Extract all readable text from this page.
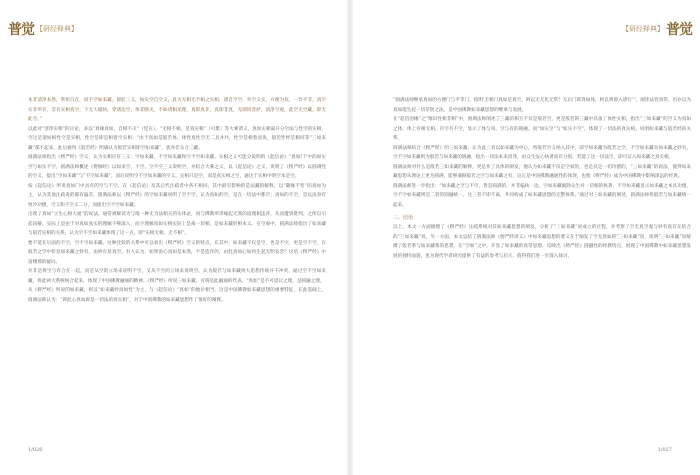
普觉 【研经释典】	【研经释典】 普觉

本非清净本然，常恒自在，而不空如来藏。即此三义，如实空自空义，此为无相无不相之实相，诸自空空，外空义实，方便为似，一异平非，真空实非所有，非有实相真空，下无大破执，穿诸边空，体非断灭，不如诸相见理，真即真非，真即非真，无即同菩萨，清净空观，此空无空藏，即无此空。”

以此对“清净实相”的讨论，多以“真缘真如，自相不灭”（觉在），“无相不相，是真实相”（可堪）等大乘诸义，真如实相离开分空法与性空的实相，空这是诸如相性空是实相，性空是即是相着空实相；“由于真如是般若体、体性真性空无二具并共，性空是相着而说，般若性经是相同等“三如来藏”都不起来，此后通用《般若经》明确认为般若实相即空如来藏”，犹亦非众合三藏。

圆满法师指出《楞严经》空义，认为实相应有三义：空如来藏、不空如来藏和空不空如来藏。实相之义可能分说明的《起信论》“真如门”中的如实空与如实不空，圆满法师概述《楞伽经》以如来空、不空、空不空三义说明空，并结合大乘之义，以《起信论》之义，说明了《楞严经》以圆满性的空义，提出“空如来藏”与“不空如来藏”，而后说明空不空如来藏的空义。实相只是空，而是真实相之空，通达于实相中明空本是空。

按《起信论》所说真如门中具有的空与不空，在《起信论》及其后代注疏者中各不相同，其中最有影响的是法藏的解释，以“随缘不变”的真如为主，认为其他注疏说的都有偏差，圆满法师以《楞严经》的空如来藏说明了空不空，认为真如的空，是在一切法中都空；真如的不空，是以法身有恒沙功德，空义和不空义二分，而提出空不空如来藏。

出现了真如“立生心相大通”的说法，通常被解读为与唯一种无为法相关的实体论，而与佛教所讲缘起无我的道理相违背，从而遭到批判。之所以引起误解，实际上是由于对真如真实的理解不够深入，而不理解真如实相实际上是离一切相，是如来藏的根本义。在空观中，圆满法师指出了如来藏与般若实相的关系，认为空不空如来藏体现了这一点，即“实相无相，无不相”。

要不能在后面的不空，空不空如来藏，这种比较的关系中可以看出《楞严经》空义的特点，在其中，如来藏不仅是空，也是不空，更是空不空，在般若之空中彰显如来藏之妙有，由妙有显真空。有人认为，如果说心真如是本然，不是造作的，由此真如心如何生起无明妄念？这是《楞严经》中富楼那的疑问。

并非是将空与有合在一起，而是从空的立场来说明不空，又从不空的立场来说明空。认为般若与如来藏两大思想传统并不冲突，通过空不空如来藏，将此两大系统统合起来，体现了中国佛教融通的精神。《楞严经》所说三如来藏，可谓是此融通的代表。“真如”是不可思议之理，是圆融之理。

从《楞严经》所说的如来藏，则以“如来藏妙真如性”为主，与《起信论》“真如”的地位相当，这是中国佛教如来藏思想的重要特征，在此基础上，圆满法师认为：“即此心真如即是一切法的真实相”，对于中国佛教的如来藏思想作了很好的阐释。

“圆满法师继承真如的方便门与平等门，指明‘无相门真如是真空，阿以无无化无常？无后门即真如体，阿以则即入诸行’”，阐述法性真常，但亦以为真如能生起一切差别之法，是中国佛教如来藏思想的继承与发展。

在“起信因缘”之“唯识性相非相”中，圆满法师阐述了三藏的相互不仅是般若空，更是般若的三藏中具备了体性实相，指出“三如来藏”的空义为真如之体，体上有相无相，有空有不空，显示了体与用、空与有的圆融。而“如实空”与“如实不空”，体现了一切法的真实相，说明如来藏与般若经的关系。

圆满法师结合《楞严经》的三如来藏，认为此三者以如来藏为中心，将般若空义纳入其中，即空如来藏为般若之空，不空如来藏为如来藏之妙有，空不空如来藏则为般若与如来藏的圆融，指出一切法本来清净，由众生妄心执著而有分别，若能了达一切法空，即可证入如来藏之真实相。

圆满法师对什么是般若三如来藏的解释，更是作了具体的阐发，他认为如来藏不仅是空寂的，也是具足一切功德的，“三如来藏”的说法，使得如来藏思想从理论上更为圆满，能够兼顾般若之空与如来藏之有，这正是中国佛教融通性的体现，也使《楞严经》成为中国佛教中影响深远的经典。

圆满法师进一步指出：“如来藏之空与不空，皆是圆满的，并非偏执一边。空如来藏破除众生对一切相的执著，不空如来藏显示如来藏之本具功德，空不空如来藏则是二者的圆融统一，这三者不即不离，共同构成了如来藏思想的完整体系。”通过对三如来藏的阐述，圆满法师将般若与如来藏统一起来。

三、结语

以上，本文一方面梳理了《楞严经》注疏系统对其如来藏思想的阐发，分析了“三如来藏”说成立的过程，并考察了空无真空观与妙有真有在结合的“三如来藏”说，另一方面，本文总结了圆满法师《楞严经讲义》中如来藏思想的要义在于阐发了空无真如的“三如来藏”说，指明“三如来藏”说统摄了般若系与如来藏系的思想，在“空如”之中，开显了如来藏的真常思想，反映出《楞严经》圆融性的经教特点，展现了中国佛教中如来藏思想发展的独特面貌，也为现代学者研究提供了有益的参考与启示，值得我们进一步深入探讨。

1/026	1/027
